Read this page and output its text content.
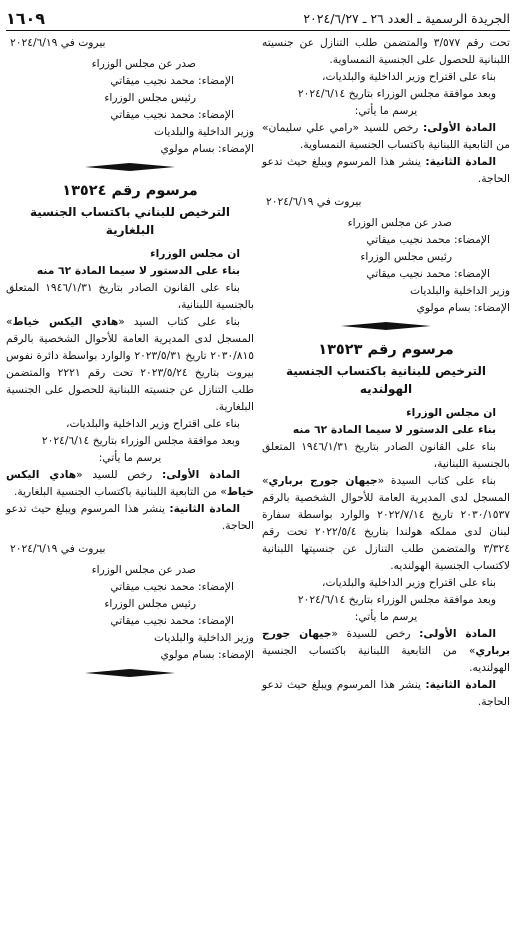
الجريدة الرسمية ـ العدد ٢٦ ـ ٢٠٢٤/٦/٢٧
١٦٠٩

تحت رقم ٣/٥٧٧ والمتضمن طلب التنازل عن جنسيته اللبنانية للحصول على الجنسية النمساوية.

بناء على اقتراح وزير الداخلية والبلديات،

وبعد موافقة مجلس الوزراء بتاريخ ٢٠٢٤/٦/١٤

يرسم ما يأتي:

المادة الأولى: رخص للسيد «رامي علي سليمان» من التابعية اللبنانية باكتساب الجنسية النمساوية.

المادة الثانية: ينشر هذا المرسوم ويبلغ حيث تدعو الحاجة.

بيروت في ٢٠٢٤/٦/١٩

صدر عن مجلس الوزراء

الإمضاء: محمد نجيب ميقاتي

رئيس مجلس الوزراء

الإمضاء: محمد نجيب ميقاتي

وزير الداخلية والبلديات

الإمضاء: بسام مولوي

مرسوم رقم ١٣٥٢٣
الترخيص للبنانية باكتساب الجنسية الهولنديه

ان مجلس الوزراء

بناء على الدستور لا سيما المادة ٦٢ منه

بناء على القانون الصادر بتاريخ ١٩٤٦/١/٣١ المتعلق بالجنسية اللبنانية،

بناء على كتاب السيدة «جيهان جورج برباري» المسجل لدى المديرية العامة للأحوال الشخصية بالرقم ٢٠٣٠/١٥٣٧ تاريخ ٢٠٢٢/٧/١٤ والوارد بواسطة سفارة لبنان لدى مملكه هولندا بتاريخ ٢٠٢٢/٥/٤ تحت رقم ٣/٣٢٤ والمتضمن طلب التنازل عن جنسيتها اللبنانية لاكتساب الجنسية الهولنديه.

بناء على اقتراح وزير الداخلية والبلديات،

وبعد موافقة مجلس الوزراء بتاريخ ٢٠٢٤/٦/١٤

يرسم ما يأتي:

المادة الأولى: رخص للسيدة «جيهان جورج برباري» من التابعية اللبنانية باكتساب الجنسية الهولنديه.

المادة الثانية: ينشر هذا المرسوم ويبلغ حيث تدعو الحاجة.

بيروت في ٢٠٢٤/٦/١٩

صدر عن مجلس الوزراء

الإمضاء: محمد نجيب ميقاتي

رئيس مجلس الوزراء

الإمضاء: محمد نجيب ميقاتي

وزير الداخلية والبلديات

الإمضاء: بسام مولوي

مرسوم رقم ١٣٥٢٤
الترخيص للبناني باكتساب الجنسية البلغارية

ان مجلس الوزراء

بناء على الدستور لا سيما المادة ٦٢ منه

بناء على القانون الصادر بتاريخ ١٩٤٦/١/٣١ المتعلق بالجنسية اللبنانية،

بناء على كتاب السيد «هادي اليكس خياط» المسجل لدى المديرية العامة للأحوال الشخصية بالرقم ٢٠٣٠/٨١٥ تاريخ ٢٠٢٣/٥/٣١ والوارد بواسطة دائرة نفوس بيروت بتاريخ ٢٠٢٣/٥/٢٤ تحت رقم ٢٢٢١ والمتضمن طلب التنازل عن جنسيته اللبنانية للحصول على الجنسية البلغارية.

بناء على اقتراح وزير الداخلية والبلديات،

وبعد موافقة مجلس الوزراء بتاريخ ٢٠٢٤/٦/١٤

يرسم ما يأتي:

المادة الأولى: رخص للسيد «هادي اليكس خياط» من التابعية اللبنانية باكتساب الجنسية البلغارية.

المادة الثانية: ينشر هذا المرسوم ويبلغ حيث تدعو الحاجة.

بيروت في ٢٠٢٤/٦/١٩

صدر عن مجلس الوزراء

الإمضاء: محمد نجيب ميقاتي

رئيس مجلس الوزراء

الإمضاء: محمد نجيب ميقاتي

وزير الداخلية والبلديات

الإمضاء: بسام مولوي
